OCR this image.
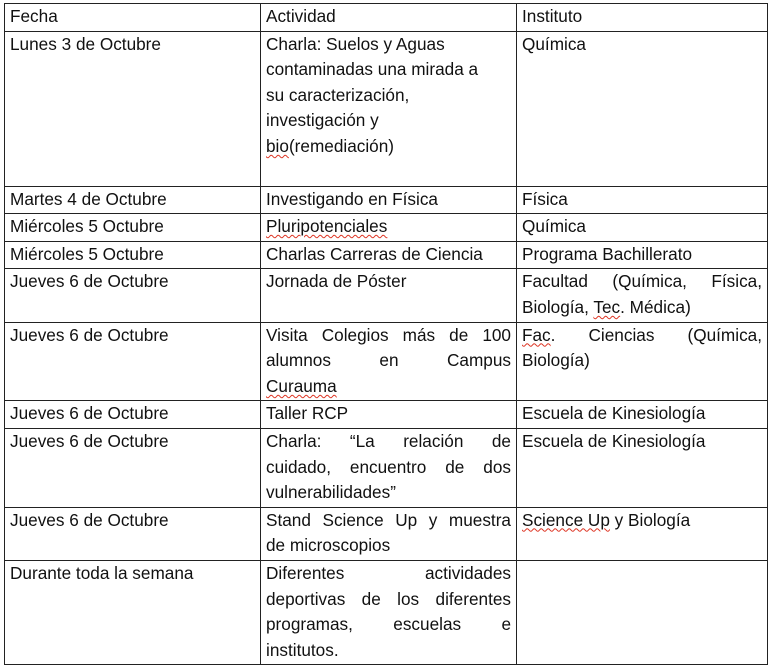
Fecha	Actividad	Instituto
Lunes 3 de Octubre	Charla: Suelos y Aguas
contaminadas una mirada a
su caracterización,
investigación y
bio(remediación)	Química
Martes 4 de Octubre	Investigando en Física	Física
Miércoles 5 Octubre	Pluripotenciales	Química
Miércoles 5 Octubre	Charlas Carreras de Ciencia	Programa Bachillerato
Jueves 6 de Octubre	Jornada de Póster	Facultad (Química, Física,
Biología, Tec. Médica)

Jueves 6 de Octubre	Visita Colegios más de 100
alumnos en Campus
Curauma	Fac. Ciencias (Química,
Biología)

Jueves 6 de Octubre	Taller RCP	Escuela de Kinesiología
Jueves 6 de Octubre	Charla: “La relación de
cuidado, encuentro de dos
vulnerabilidades”	Escuela de Kinesiología
Jueves 6 de Octubre	Stand Science Up y muestra
de microscopios	Science Up y Biología
Durante toda la semana	Diferentes actividades
deportivas de los diferentes
programas, escuelas e
institutos.	
